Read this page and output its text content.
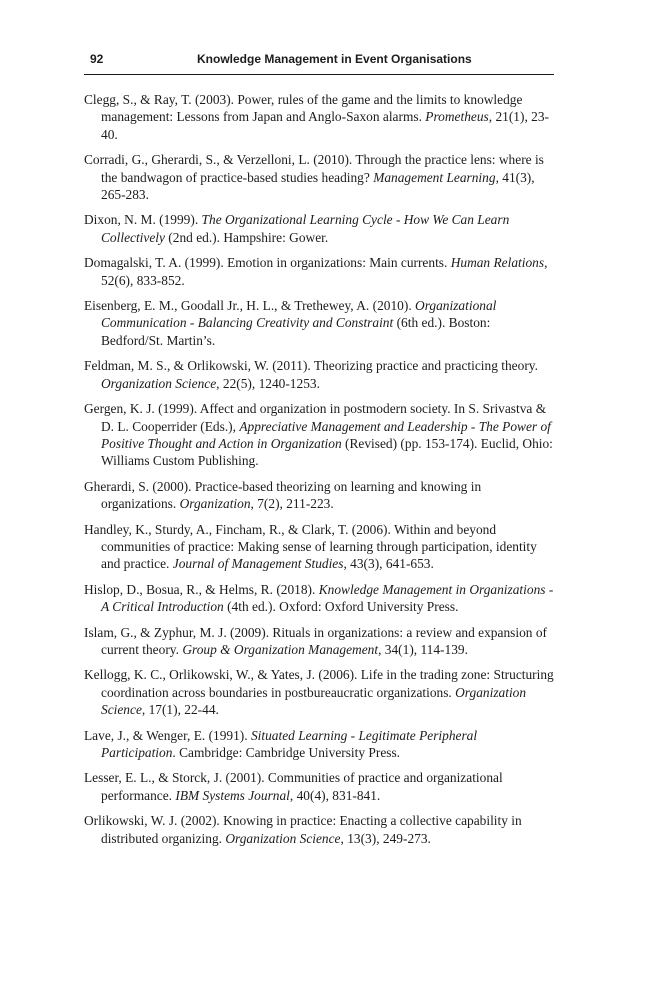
92	Knowledge Management in Event Organisations
Clegg, S., & Ray, T. (2003). Power, rules of the game and the limits to knowledge management: Lessons from Japan and Anglo-Saxon alarms. Prometheus, 21(1), 23-40.
Corradi, G., Gherardi, S., & Verzelloni, L. (2010). Through the practice lens: where is the bandwagon of practice-based studies heading? Management Learning, 41(3), 265-283.
Dixon, N. M. (1999). The Organizational Learning Cycle - How We Can Learn Collectively (2nd ed.). Hampshire: Gower.
Domagalski, T. A. (1999). Emotion in organizations: Main currents. Human Relations, 52(6), 833-852.
Eisenberg, E. M., Goodall Jr., H. L., & Trethewey, A. (2010). Organizational Communication - Balancing Creativity and Constraint (6th ed.). Boston: Bedford/St. Martin’s.
Feldman, M. S., & Orlikowski, W. (2011). Theorizing practice and practicing theory. Organization Science, 22(5), 1240-1253.
Gergen, K. J. (1999). Affect and organization in postmodern society. In S. Srivastva & D. L. Cooperrider (Eds.), Appreciative Management and Leadership - The Power of Positive Thought and Action in Organization (Revised) (pp. 153-174). Euclid, Ohio: Williams Custom Publishing.
Gherardi, S. (2000). Practice-based theorizing on learning and knowing in organizations. Organization, 7(2), 211-223.
Handley, K., Sturdy, A., Fincham, R., & Clark, T. (2006). Within and beyond communities of practice: Making sense of learning through participation, identity and practice. Journal of Management Studies, 43(3), 641-653.
Hislop, D., Bosua, R., & Helms, R. (2018). Knowledge Management in Organizations - A Critical Introduction (4th ed.). Oxford: Oxford University Press.
Islam, G., & Zyphur, M. J. (2009). Rituals in organizations: a review and expansion of current theory. Group & Organization Management, 34(1), 114-139.
Kellogg, K. C., Orlikowski, W., & Yates, J. (2006). Life in the trading zone: Structuring coordination across boundaries in postbureaucratic organizations. Organization Science, 17(1), 22-44.
Lave, J., & Wenger, E. (1991). Situated Learning - Legitimate Peripheral Participation. Cambridge: Cambridge University Press.
Lesser, E. L., & Storck, J. (2001). Communities of practice and organizational performance. IBM Systems Journal, 40(4), 831-841.
Orlikowski, W. J. (2002). Knowing in practice: Enacting a collective capability in distributed organizing. Organization Science, 13(3), 249-273.
